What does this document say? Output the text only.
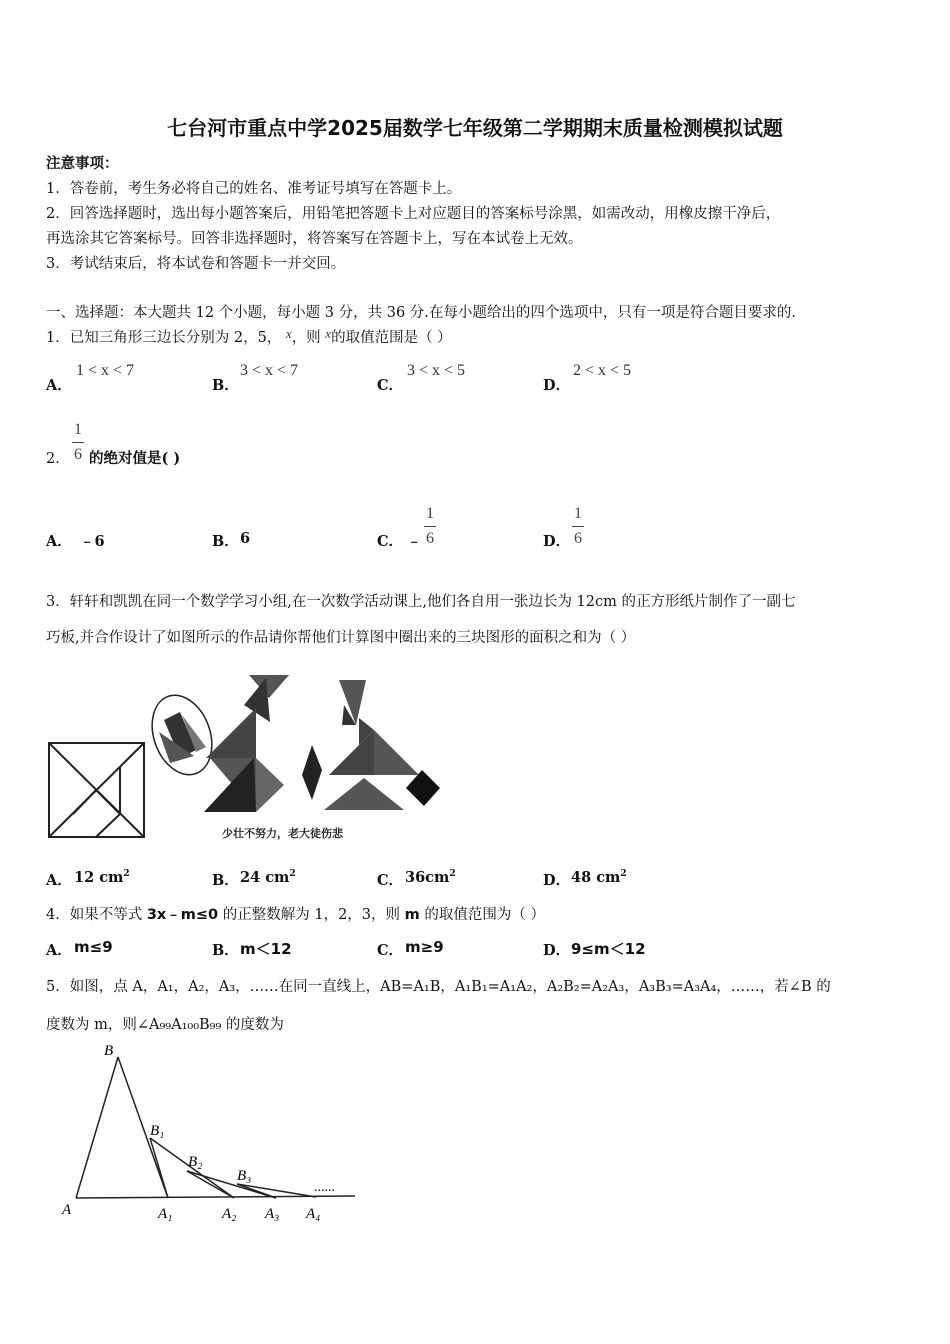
七台河市重点中学2025届数学七年级第二学期期末质量检测模拟试题
注意事项：
1．答卷前，考生务必将自己的姓名、准考证号填写在答题卡上。
2．回答选择题时，选出每小题答案后，用铅笔把答题卡上对应题目的答案标号涂黑，如需改动，用橡皮擦干净后，
再选涂其它答案标号。回答非选择题时，将答案写在答题卡上，写在本试卷上无效。
3．考试结束后，将本试卷和答题卡一并交回。
一、选择题：本大题共 12 个小题，每小题 3 分，共 36 分.在每小题给出的四个选项中，只有一项是符合题目要求的.
1．已知三角形三边长分别为 2，5， x，则 x的取值范围是（ ）
A．
1 < x < 7
B．
3 < x < 7
C．
3 < x < 5
D．
2 < x < 5
2．
1
6 的绝对值是( )
A． ﹣6	B． 6	C． ﹣
1
6	D．
1
6
3．轩轩和凯凯在同一个数学学习小组,在一次数学活动课上,他们各自用一张边长为 12cm 的正方形纸片制作了一副七
巧板,并合作设计了如图所示的作品请你帮他们计算图中圈出来的三块图形的面积之和为（ ）
少壮不努力，老大徒伤悲
A． 12 $cm^2$	B． 24 $cm^2$	C． $36cm^2$	D． 48 $cm^2$
4．如果不等式 3x﹣m≤0 的正整数解为 1，2，3，则 m 的取值范围为（ ）
A． m≤9	B． m＜12	C． m≥9	D． 9≤m＜12
5．如图，点 A，A₁，A₂，A₃，……在同一直线上，AB=A₁B，A₁B₁=A₁A₂，A₂B₂=A₂A₃，A₃B₃=A₃A₄，……，若∠B 的
度数为 m，则∠A₉₉A₁₀₀B₉₉ 的度数为
B
B₁
B₂
B₃
......
A	A₁	A₂ A₃ A₄
